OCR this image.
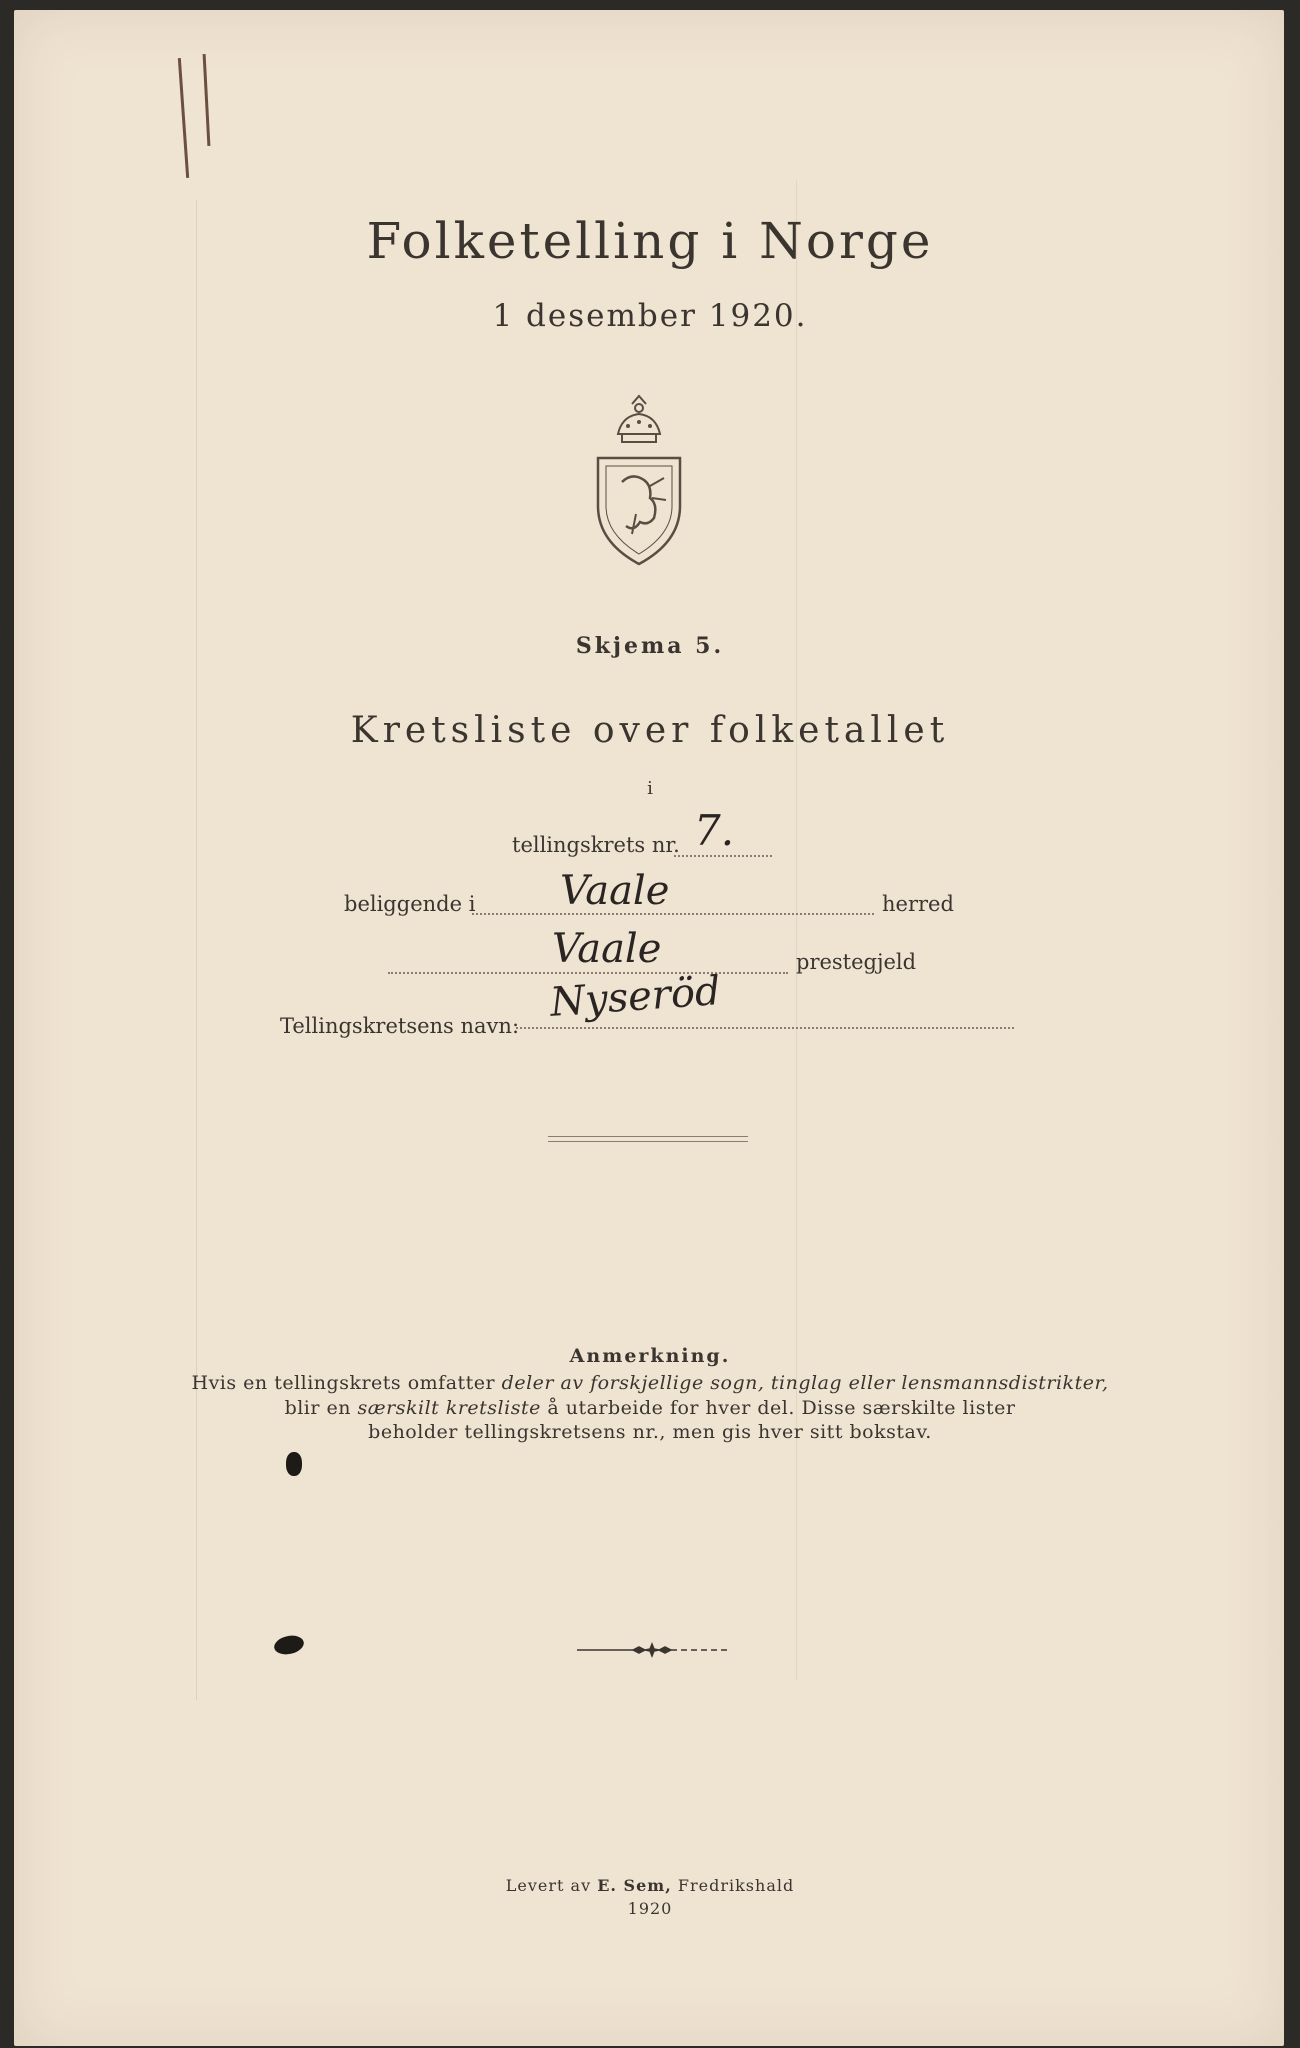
Folketelling i Norge
1 desember 1920.
Skjema 5.
Kretsliste over folketallet
i
tellingskrets nr. 7.
beliggende i Vaale	herred
Vaale	prestegjeld
Tellingskretsens navn:
Nyseröd
Anmerkning.
Hvis en tellingskrets omfatter deler av forskjellige sogn, tinglag eller lensmannsdistrikter,
blir en særskilt kretsliste å utarbeide for hver del. Disse særskilte lister
beholder tellingskretsens nr., men gis hver sitt bokstav.
Levert av E. Sem, Fredrikshald
1920
